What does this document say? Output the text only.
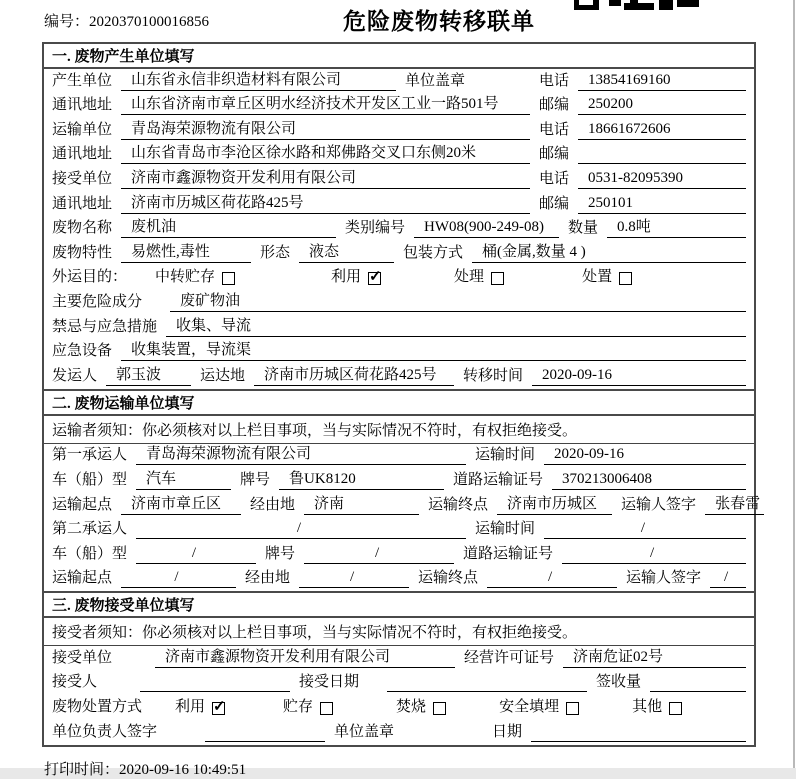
编号：2020370100016856	危险废物转移联单
一. 废物产生单位填写
产生单位	山东省永信非织造材料有限公司	单位盖章	电话	13854169160
通讯地址	山东省济南市章丘区明水经济技术开发区工业一路501号	邮编	250200
运输单位	青岛海荣源物流有限公司	电话	18661672606
通讯地址	山东省青岛市李沧区徐水路和郑佛路交叉口东侧20米	邮编
接受单位	济南市鑫源物资开发利用有限公司	电话	0531-82095390
通讯地址	济南市历城区荷花路425号	邮编	250101
废物名称	废机油	类别编号	HW08(900-249-08)	数量	0.8吨
废物特性	易燃性,毒性	形态	液态	包装方式	桶(金属,数量 4 )
外运目的： 中转贮存	利用 ✓	处理	处置
主要危险成分	废矿物油
禁忌与应急措施	收集、导流
应急设备	收集装置，导流渠
发运人	郭玉波	运达地	济南市历城区荷花路425号	转移时间	2020-09-16
二. 废物运输单位填写
运输者须知：你必须核对以上栏目事项，当与实际情况不符时，有权拒绝接受。
第一承运人	青岛海荣源物流有限公司	运输时间	2020-09-16
车（船）型	汽车	牌号	鲁UK8120	道路运输证号	370213006408
运输起点	济南市章丘区	经由地	济南	运输终点	济南市历城区	运输人签字	张春雷
第二承运人	/	运输时间	/
车（船）型	/	牌号	/	道路运输证号	/
运输起点	/	经由地	/	运输终点	/	运输人签字	/
三. 废物接受单位填写
接受者须知：你必须核对以上栏目事项，当与实际情况不符时，有权拒绝接受。
接受单位	济南市鑫源物资开发利用有限公司	经营许可证号	济南危证02号
接受人	接受日期	签收量
废物处置方式 利用 ✓	贮存	焚烧	安全填埋	其他
单位负责人签字	单位盖章	日期
打印时间：2020-09-16 10:49:51
